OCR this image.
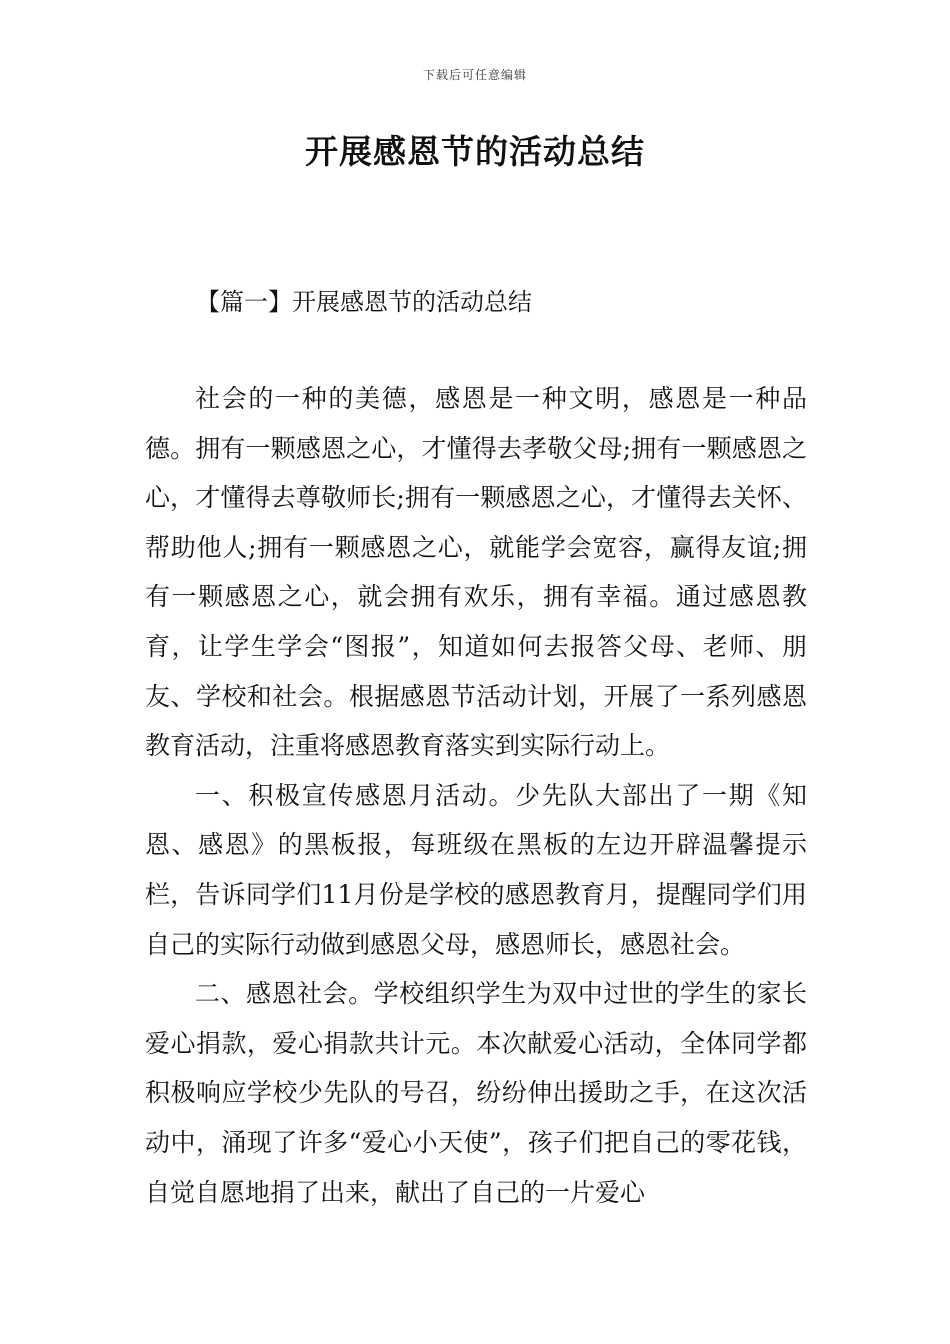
下载后可任意编辑
开展感恩节的活动总结
【篇一】开展感恩节的活动总结

社会的一种的美德，感恩是一种文明，感恩是一种品德。拥有一颗感恩之心，才懂得去孝敬父母;拥有一颗感恩之心，才懂得去尊敬师长;拥有一颗感恩之心，才懂得去关怀、帮助他人;拥有一颗感恩之心，就能学会宽容，赢得友谊;拥有一颗感恩之心，就会拥有欢乐，拥有幸福。通过感恩教育，让学生学会“图报”，知道如何去报答父母、老师、朋友、学校和社会。根据感恩节活动计划，开展了一系列感恩教育活动，注重将感恩教育落实到实际行动上。

一、积极宣传感恩月活动。少先队大部出了一期《知恩、感恩》的黑板报，每班级在黑板的左边开辟温馨提示栏，告诉同学们11月份是学校的感恩教育月，提醒同学们用自己的实际行动做到感恩父母，感恩师长，感恩社会。

二、感恩社会。学校组织学生为双中过世的学生的家长爱心捐款，爱心捐款共计元。本次献爱心活动，全体同学都积极响应学校少先队的号召，纷纷伸出援助之手，在这次活动中，涌现了许多“爱心小天使”，孩子们把自己的零花钱，自觉自愿地捐了出来，献出了自己的一片爱心
